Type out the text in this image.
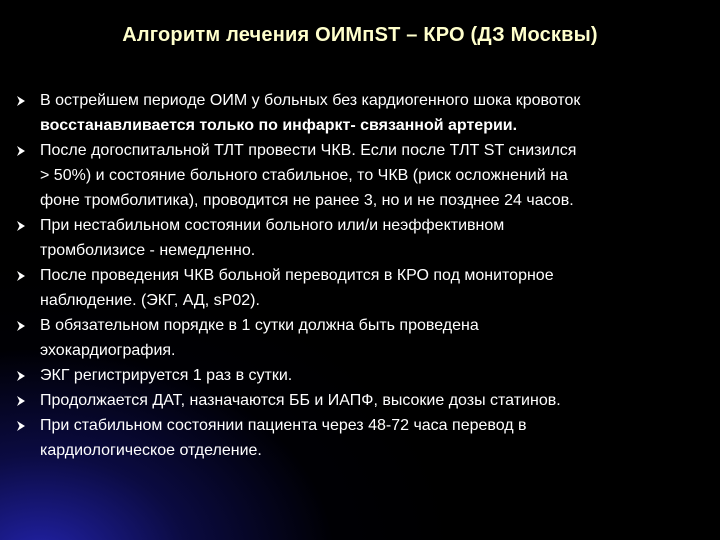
Алгоритм лечения ОИМпST – КРО (ДЗ Москвы)
В острейшем периоде ОИМ у больных без кардиогенного шока кровоток
восстанавливается только по инфаркт- связанной артерии.
После догоспитальной ТЛТ провести ЧКВ. Если после ТЛТ ST снизился
> 50%) и состояние больного стабильное, то ЧКВ (риск осложнений на
фоне тромболитика), проводится не ранее 3, но и не позднее 24 часов.
При нестабильном состоянии больного или/и неэффективном
тромболизисе - немедленно.
После проведения ЧКВ больной переводится в КРО под мониторное
наблюдение. (ЭКГ, АД, sP02).
В обязательном порядке в 1 сутки должна быть проведена
эхокардиография.
ЭКГ регистрируется 1 раз в сутки.
Продолжается ДАТ, назначаются ББ и ИАПФ, высокие дозы статинов.
При стабильном состоянии пациента через 48-72 часа перевод в
кардиологическое отделение.
